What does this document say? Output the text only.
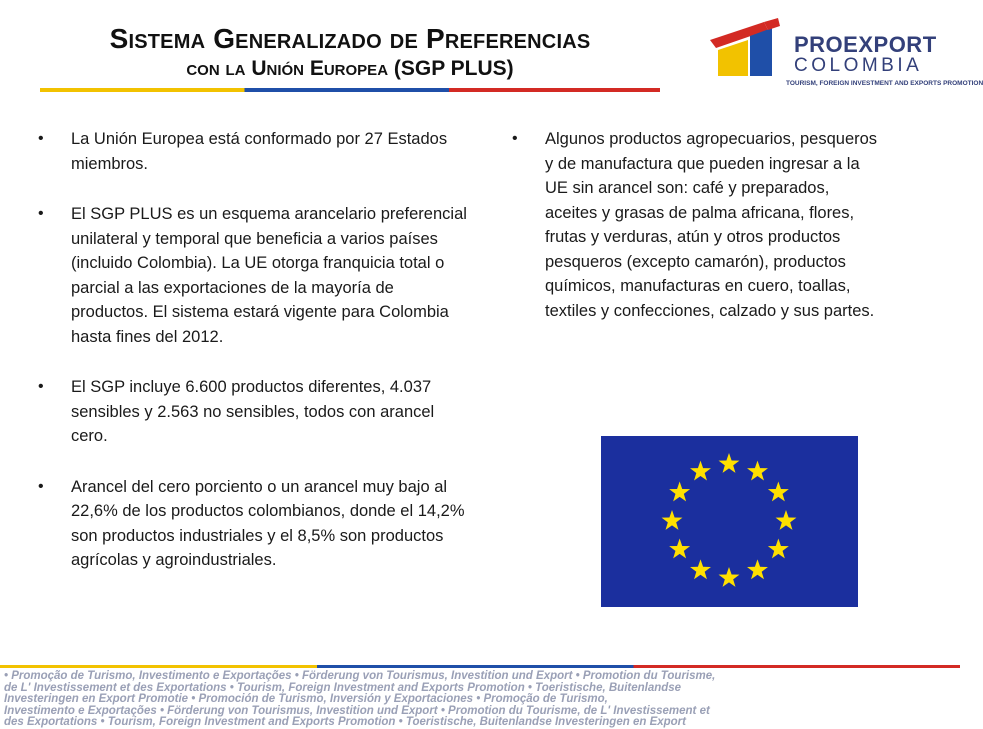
Sistema Generalizado de Preferencias
con la Unión Europea (SGP PLUS)
PROEXPORT
COLOMBIA
TOURISM, FOREIGN INVESTMENT AND EXPORTS PROMOTION
• La Unión Europea está conformado por 27 Estados miembros.
• El SGP PLUS es un esquema arancelario preferencial unilateral y temporal que beneficia a varios países (incluido Colombia). La UE otorga franquicia total o parcial a las exportaciones de la mayoría de productos. El sistema estará vigente para Colombia hasta fines del 2012.
• El SGP incluye 6.600 productos diferentes, 4.037 sensibles y 2.563 no sensibles, todos con arancel cero.
• Arancel del cero porciento o un arancel muy bajo al 22,6% de los productos colombianos, donde el 14,2% son productos industriales y el 8,5% son productos agrícolas y agroindustriales.
• Algunos productos agropecuarios, pesqueros y de manufactura que pueden ingresar a la UE sin arancel son: café y preparados, aceites y grasas de palma africana, flores, frutas y verduras, atún y otros productos pesqueros (excepto camarón), productos químicos, manufacturas en cuero, toallas, textiles y confecciones, calzado y sus partes.
• Promoção de Turismo, Investimento e Exportações • Förderung von Tourismus, Investition und Export • Promotion du Tourisme,
de L' Investissement et des Exportations • Tourism, Foreign Investment and Exports Promotion • Toeristische, Buitenlandse
Investeringen en Export Promotie • Promoción de Turismo, Inversión y Exportaciones • Promoção de Turismo,
Investimento e Exportações • Förderung von Tourismus, Investition und Export • Promotion du Tourisme, de L' Investissement et
des Exportations • Tourism, Foreign Investment and Exports Promotion • Toeristische, Buitenlandse Investeringen en Export
